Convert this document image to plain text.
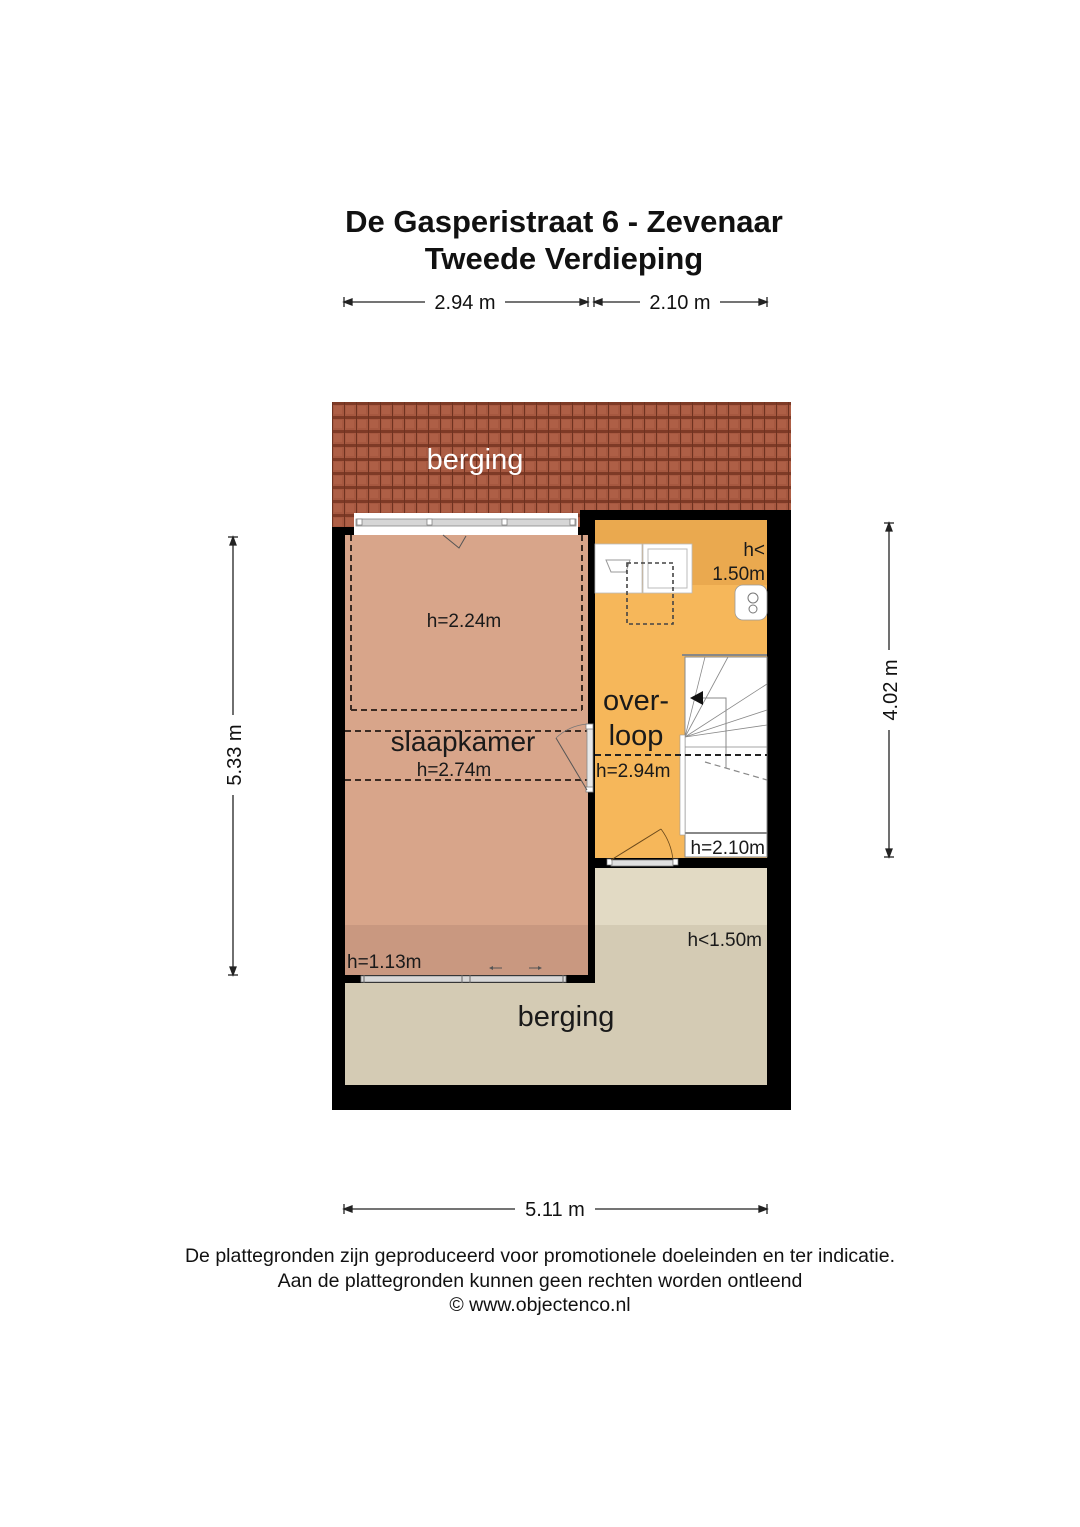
De Gasperistraat 6 - Zevenaar
Tweede Verdieping
2.94 m	2.10 m
5.33 m
4.02 m
5.11 m
berging
h=2.24m
slaapkamer
h=2.74m
h=1.13m
h<
1.50m
over-
loop
h=2.94m
h=2.10m
h<1.50m
berging
De plattegronden zijn geproduceerd voor promotionele doeleinden en ter indicatie.
Aan de plattegronden kunnen geen rechten worden ontleend
© www.objectenco.nl
